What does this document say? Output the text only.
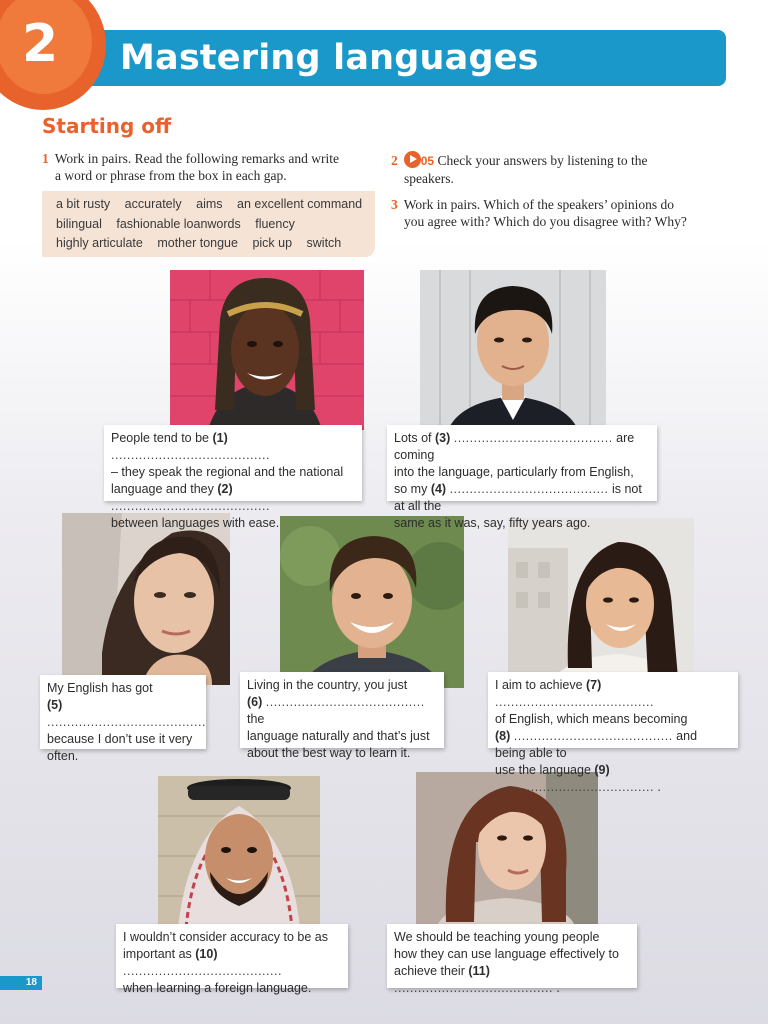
2 Mastering languages
Starting off
1 Work in pairs. Read the following remarks and write
a word or phrase from the box in each gap.
a bit rusty accurately aims an excellent command
bilingual fashionable loanwords fluency
highly articulate mother tongue pick up switch
2 05 Check your answers by listening to the
speakers.
3 Work in pairs. Which of the speakers’ opinions do
you agree with? Which do you disagree with? Why?
People tend to be (1) ........................................
– they speak the regional and the national
language and they (2) ........................................
between languages with ease.
Lots of (3) ........................................ are coming
into the language, particularly from English,
so my (4) ........................................ is not at all the
same as it was, say, fifty years ago.
My English has got
(5) ........................................
because I don’t use it very
often.
Living in the country, you just
(6) ........................................ the
language naturally and that’s just
about the best way to learn it.
I aim to achieve (7) ........................................
of English, which means becoming
(8) ........................................ and being able to
use the language (9) ........................................ .
I wouldn’t consider accuracy to be as
important as (10) ........................................
when learning a foreign language.
We should be teaching young people
how they can use language effectively to
achieve their (11) ........................................ .
18
